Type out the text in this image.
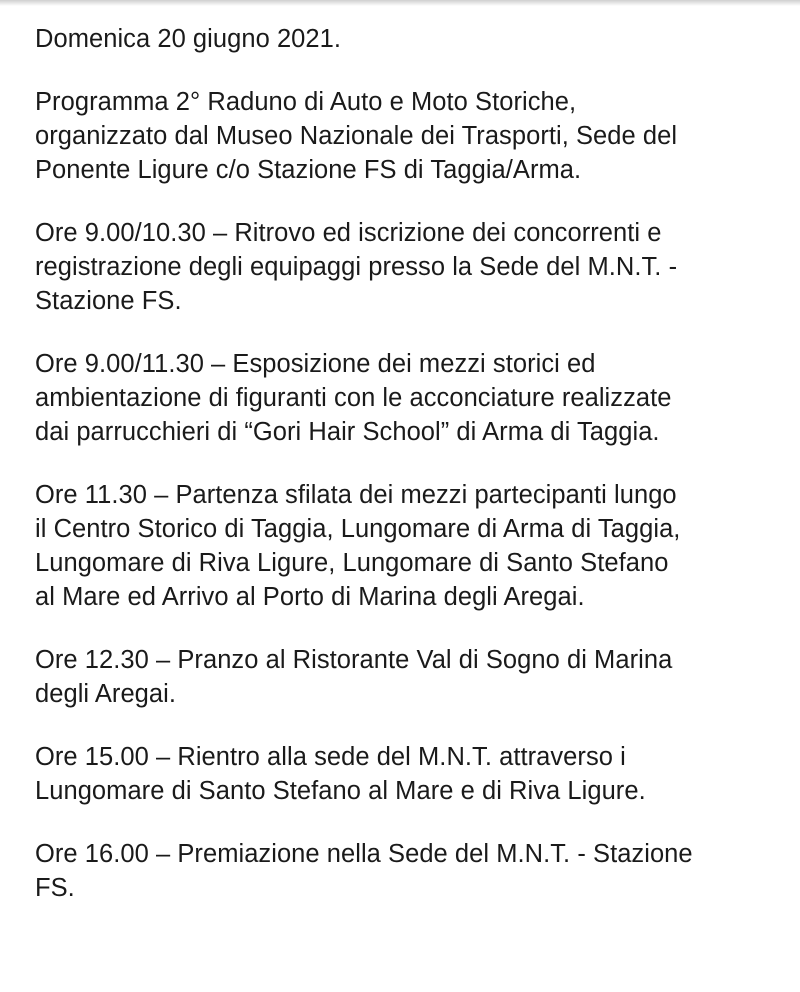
Domenica 20 giugno 2021.

Programma 2° Raduno di Auto e Moto Storiche,
organizzato dal Museo Nazionale dei Trasporti, Sede del
Ponente Ligure c/o Stazione FS di Taggia/Arma.

Ore 9.00/10.30 – Ritrovo ed iscrizione dei concorrenti e
registrazione degli equipaggi presso la Sede del M.N.T. -
Stazione FS.

Ore 9.00/11.30 – Esposizione dei mezzi storici ed
ambientazione di figuranti con le acconciature realizzate
dai parrucchieri di “Gori Hair School” di Arma di Taggia.

Ore 11.30 – Partenza sfilata dei mezzi partecipanti lungo
il Centro Storico di Taggia, Lungomare di Arma di Taggia,
Lungomare di Riva Ligure, Lungomare di Santo Stefano
al Mare ed Arrivo al Porto di Marina degli Aregai.

Ore 12.30 – Pranzo al Ristorante Val di Sogno di Marina
degli Aregai.

Ore 15.00 – Rientro alla sede del M.N.T. attraverso i
Lungomare di Santo Stefano al Mare e di Riva Ligure.

Ore 16.00 – Premiazione nella Sede del M.N.T. - Stazione
FS.
